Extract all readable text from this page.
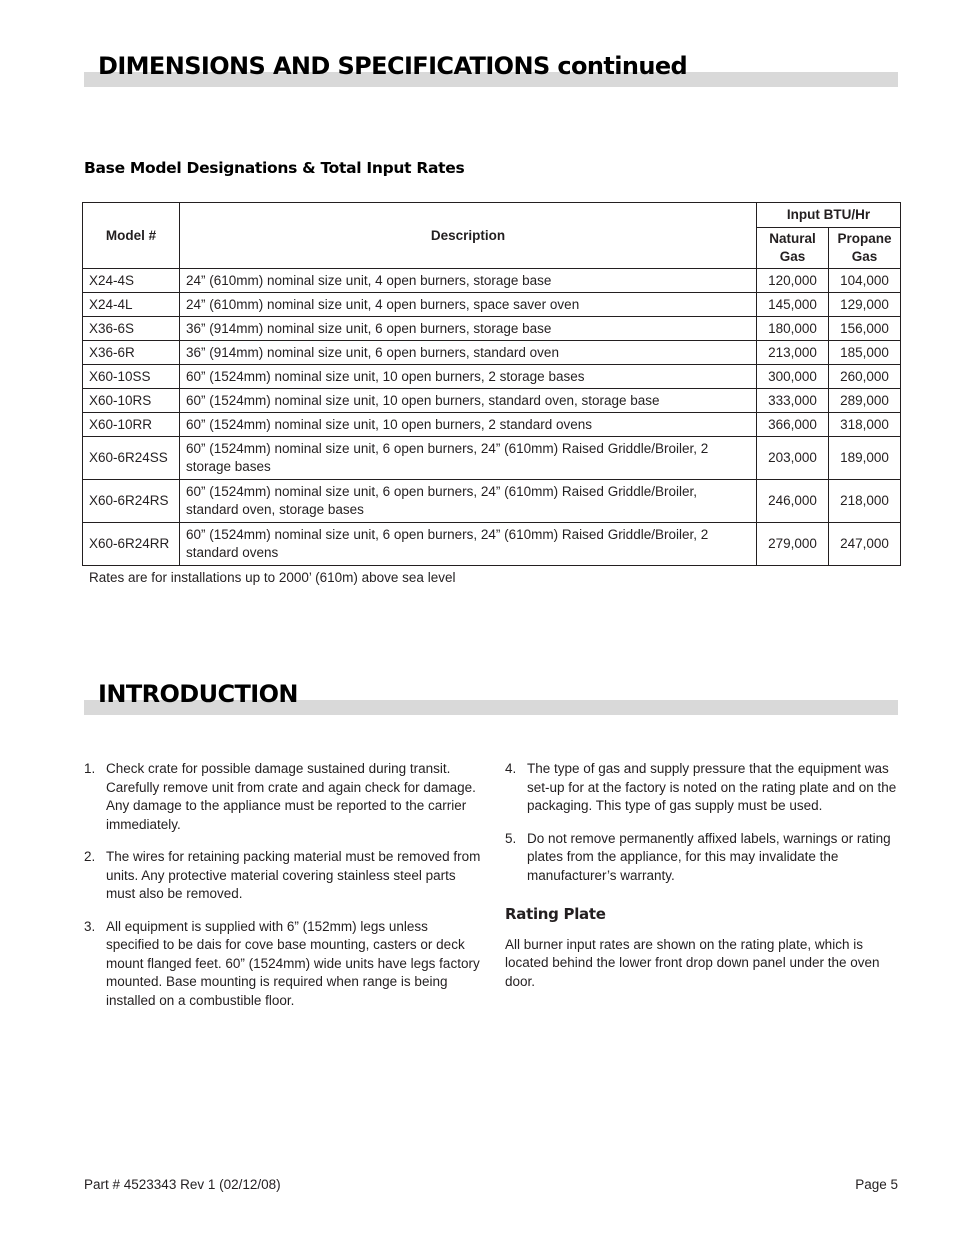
DIMENSIONS AND SPECIFICATIONS continued
Base Model Designations & Total Input Rates
Model #	Description	Input BTU/Hr	
		Natural Gas	Propane Gas
X24-4S	24” (610mm) nominal size unit, 4 open burners, storage base	120,000	104,000
X24-4L	24” (610mm) nominal size unit, 4 open burners, space saver oven	145,000	129,000
X36-6S	36” (914mm) nominal size unit, 6 open burners, storage base	180,000	156,000
X36-6R	36” (914mm) nominal size unit, 6 open burners, standard oven	213,000	185,000
X60-10SS	60” (1524mm) nominal size unit, 10 open burners, 2 storage bases	300,000	260,000
X60-10RS	60” (1524mm) nominal size unit, 10 open burners, standard oven, storage base	333,000	289,000
X60-10RR	60” (1524mm) nominal size unit, 10 open burners, 2 standard ovens	366,000	318,000
X60-6R24SS	60” (1524mm) nominal size unit, 6 open burners, 24” (610mm) Raised Griddle/Broiler, 2 storage bases	203,000	189,000
X60-6R24RS	60” (1524mm) nominal size unit, 6 open burners, 24” (610mm) Raised Griddle/Broiler, standard oven, storage bases	246,000	218,000
X60-6R24RR	60” (1524mm) nominal size unit, 6 open burners, 24” (610mm) Raised Griddle/Broiler, 2 standard ovens	279,000	247,000
Rates are for installations up to 2000’ (610m) above sea level
INTRODUCTION
1. Check crate for possible damage sustained during transit. Carefully remove unit from crate and again check for damage. Any damage to the appliance must be reported to the carrier immediately.
2. The wires for retaining packing material must be removed from units. Any protective material covering stainless steel parts must also be removed.
3. All equipment is supplied with 6” (152mm) legs unless specified to be dais for cove base mounting, casters or deck mount flanged feet. 60” (1524mm) wide units have legs factory mounted. Base mounting is required when range is being installed on a combustible floor.
4. The type of gas and supply pressure that the equipment was set-up for at the factory is noted on the rating plate and on the packaging. This type of gas supply must be used.
5. Do not remove permanently affixed labels, warnings or rating plates from the appliance, for this may invalidate the manufacturer’s warranty.
Rating Plate
All burner input rates are shown on the rating plate, which is located behind the lower front drop down panel under the oven door.
Part # 4523343 Rev 1 (02/12/08)	Page 5
